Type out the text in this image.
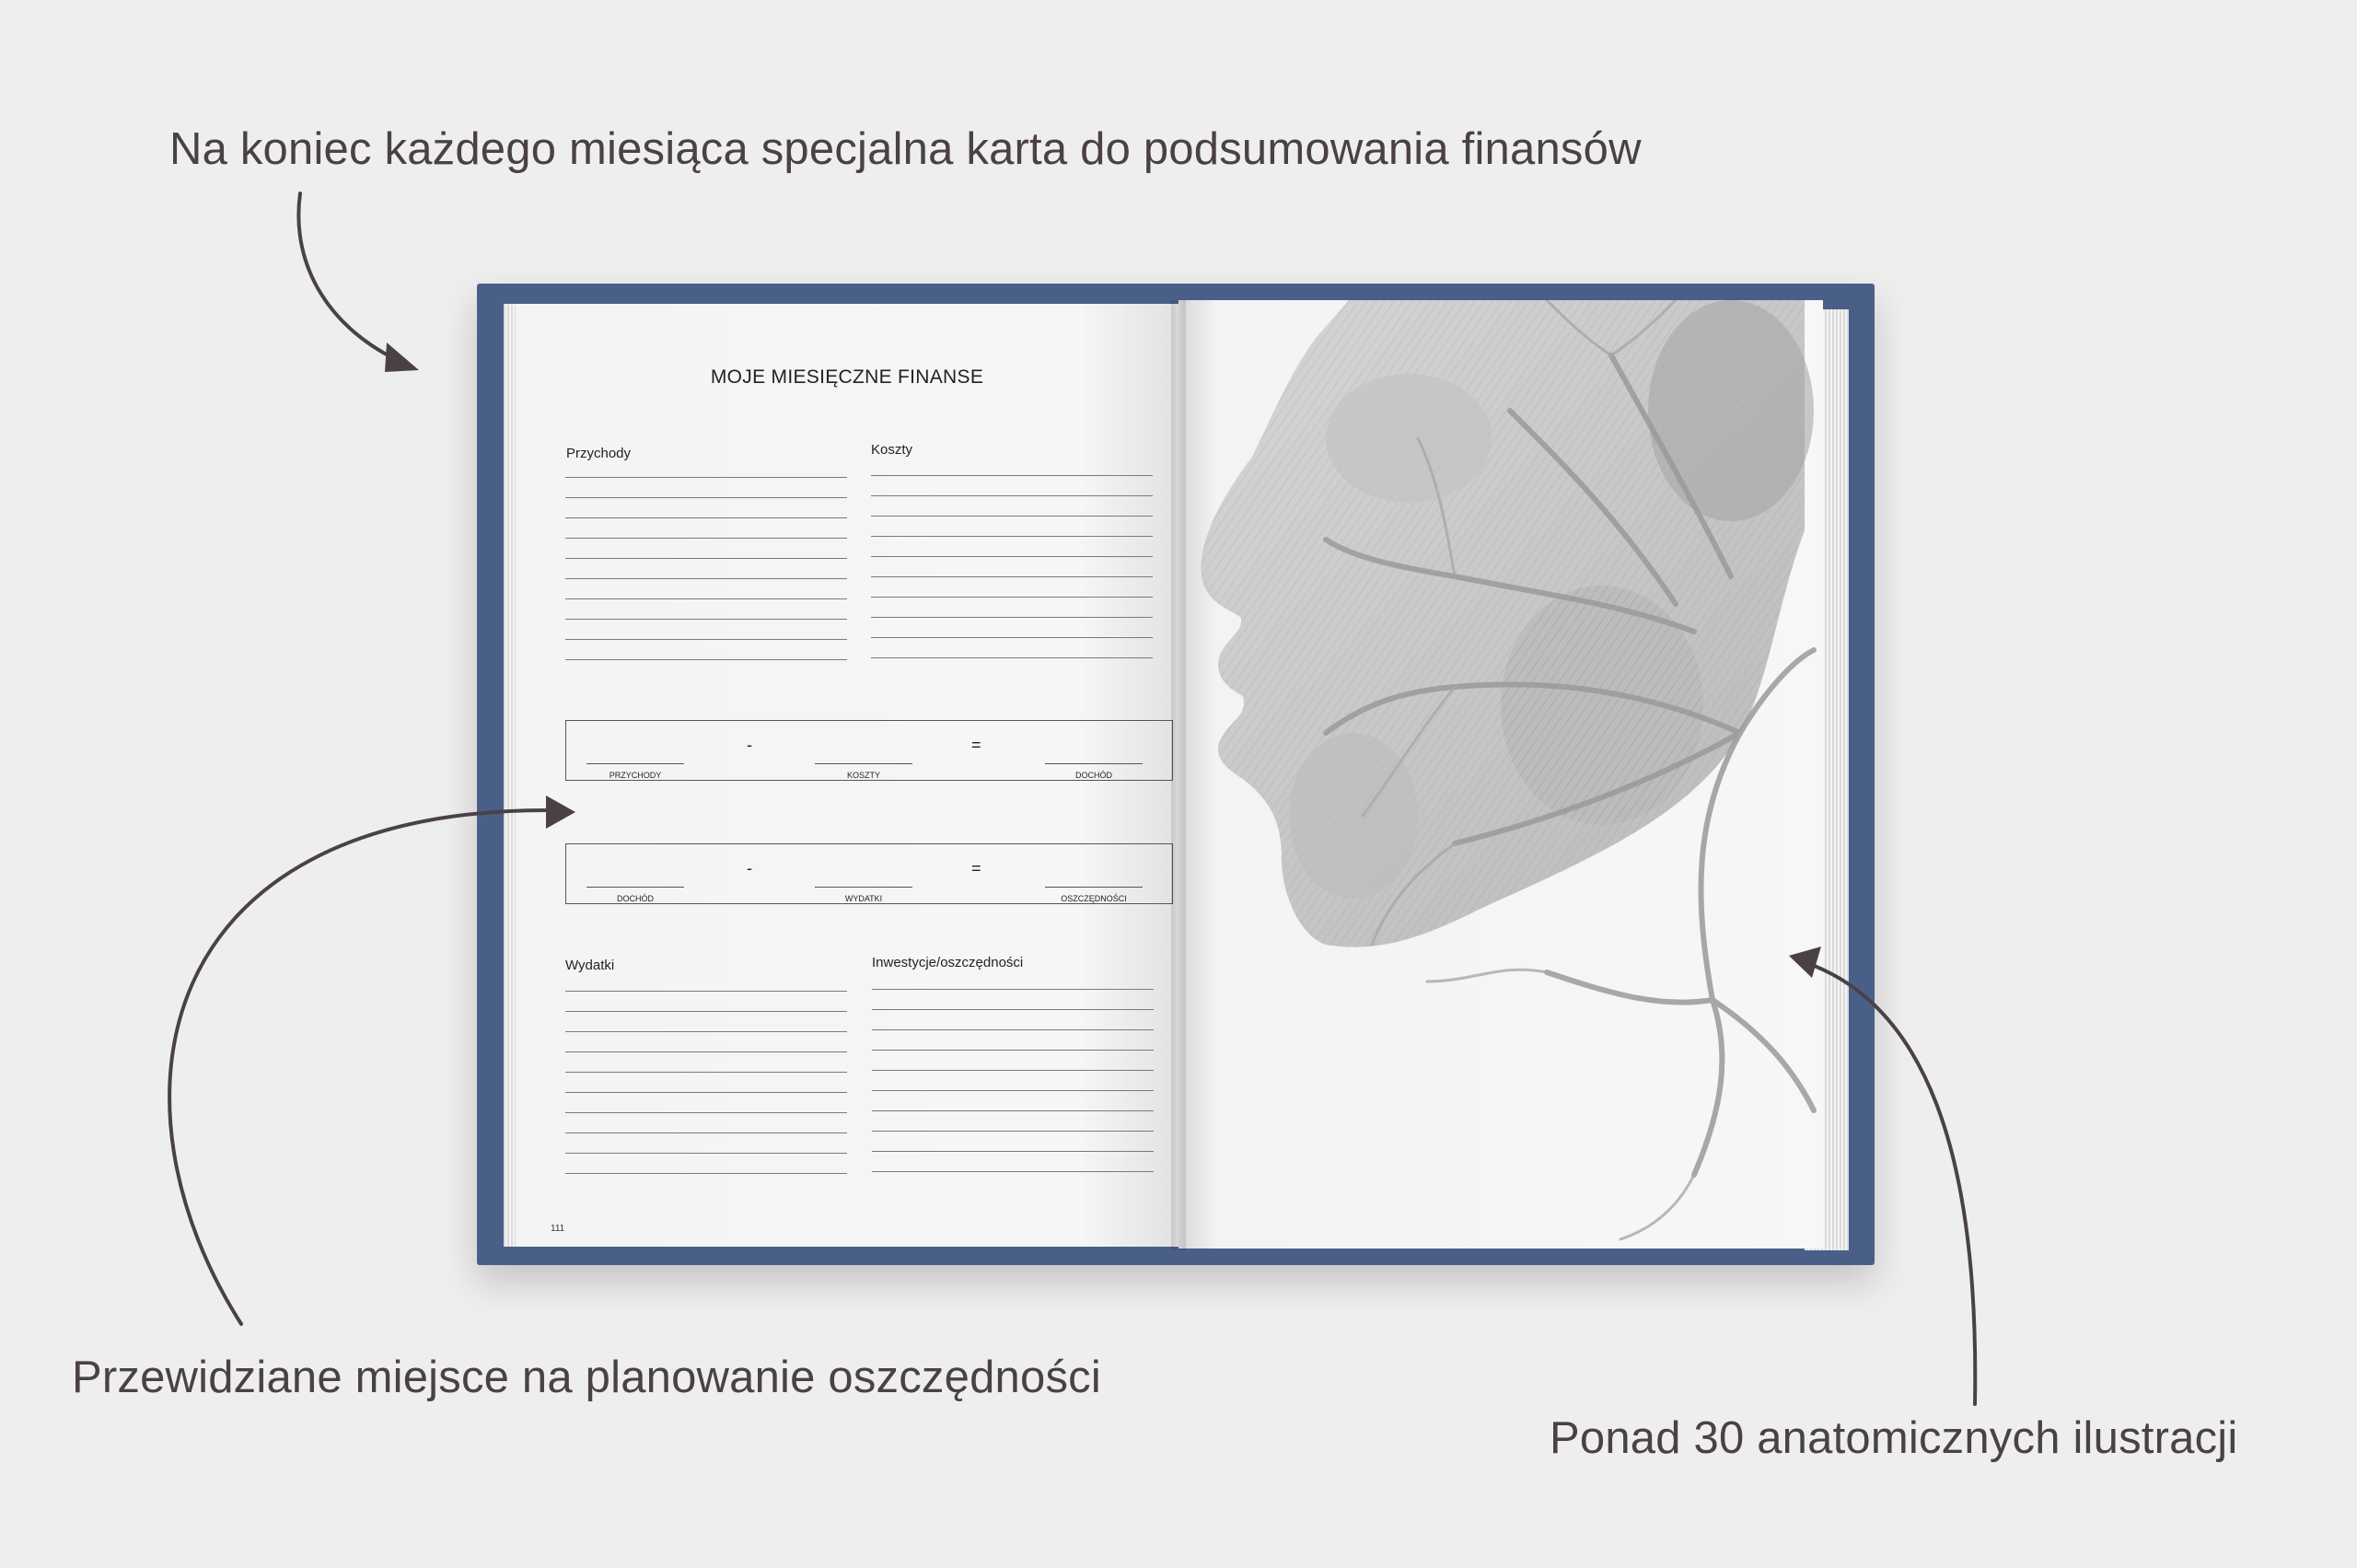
Na koniec każdego miesiąca specjalna karta do podsumowania finansów
Przewidziane miejsce na planowanie oszczędności
Ponad 30 anatomicznych ilustracji
MOJE MIESIĘCZNE FINANSE
Przychody	Koszty
PRZYCHODY
-
KOSZTY
=
DOCHÓD
DOCHÓD
-
WYDATKI
=
OSZCZĘDNOŚCI
Wydatki	Inwestycje/oszczędności
111
